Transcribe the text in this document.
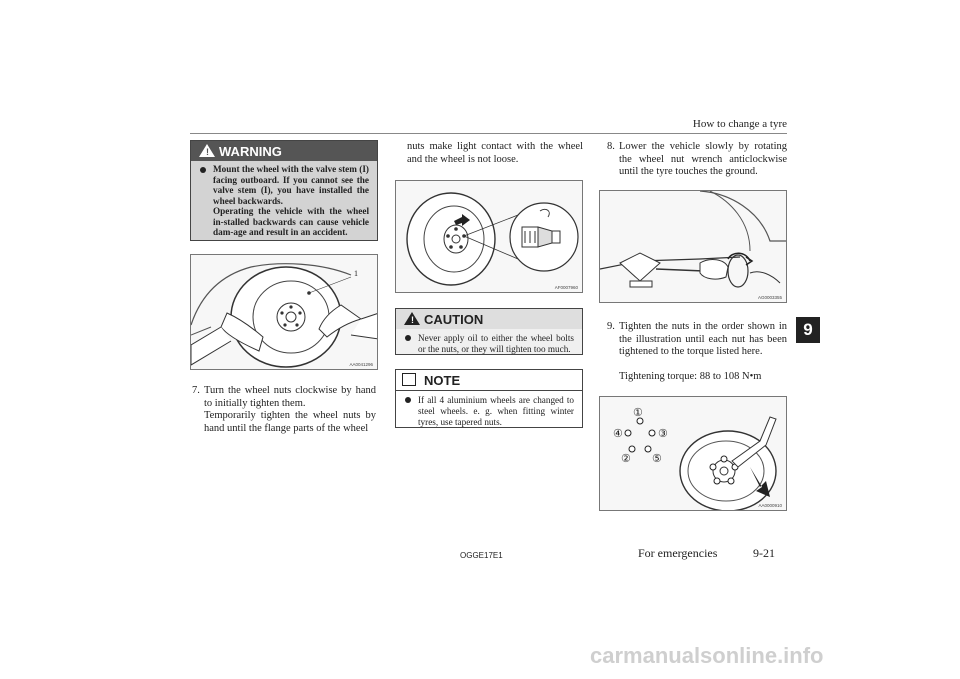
How to change a tyre
9
! WARNING
Mount the wheel with the valve stem (I) facing outboard. If you cannot see the valve stem (I), you have installed the wheel backwards.
Operating the vehicle with the wheel in-stalled backwards can cause vehicle dam-age and result in an accident.
1
AA0041296
7. Turn the wheel nuts clockwise by hand to initially tighten them.
Temporarily tighten the wheel nuts by hand until the flange parts of the wheel
nuts make light contact with the wheel and the wheel is not loose.
AF0007960
! CAUTION
Never apply oil to either the wheel bolts or the nuts, or they will tighten too much.
NOTE
If all 4 aluminium wheels are changed to steel wheels. e. g. when fitting winter tyres, use tapered nuts.
8. Lower the vehicle slowly by rotating the wheel nut wrench anticlockwise until the tyre touches the ground.
AG0003355
9. Tighten the nuts in the order shown in the illustration until each nut has been tightened to the torque listed here.
Tightening torque: 88 to 108 N•m
①
④	③
② ⑤
AA0000910
OGGE17E1	For emergencies	9-21
carmanualsonline.info
